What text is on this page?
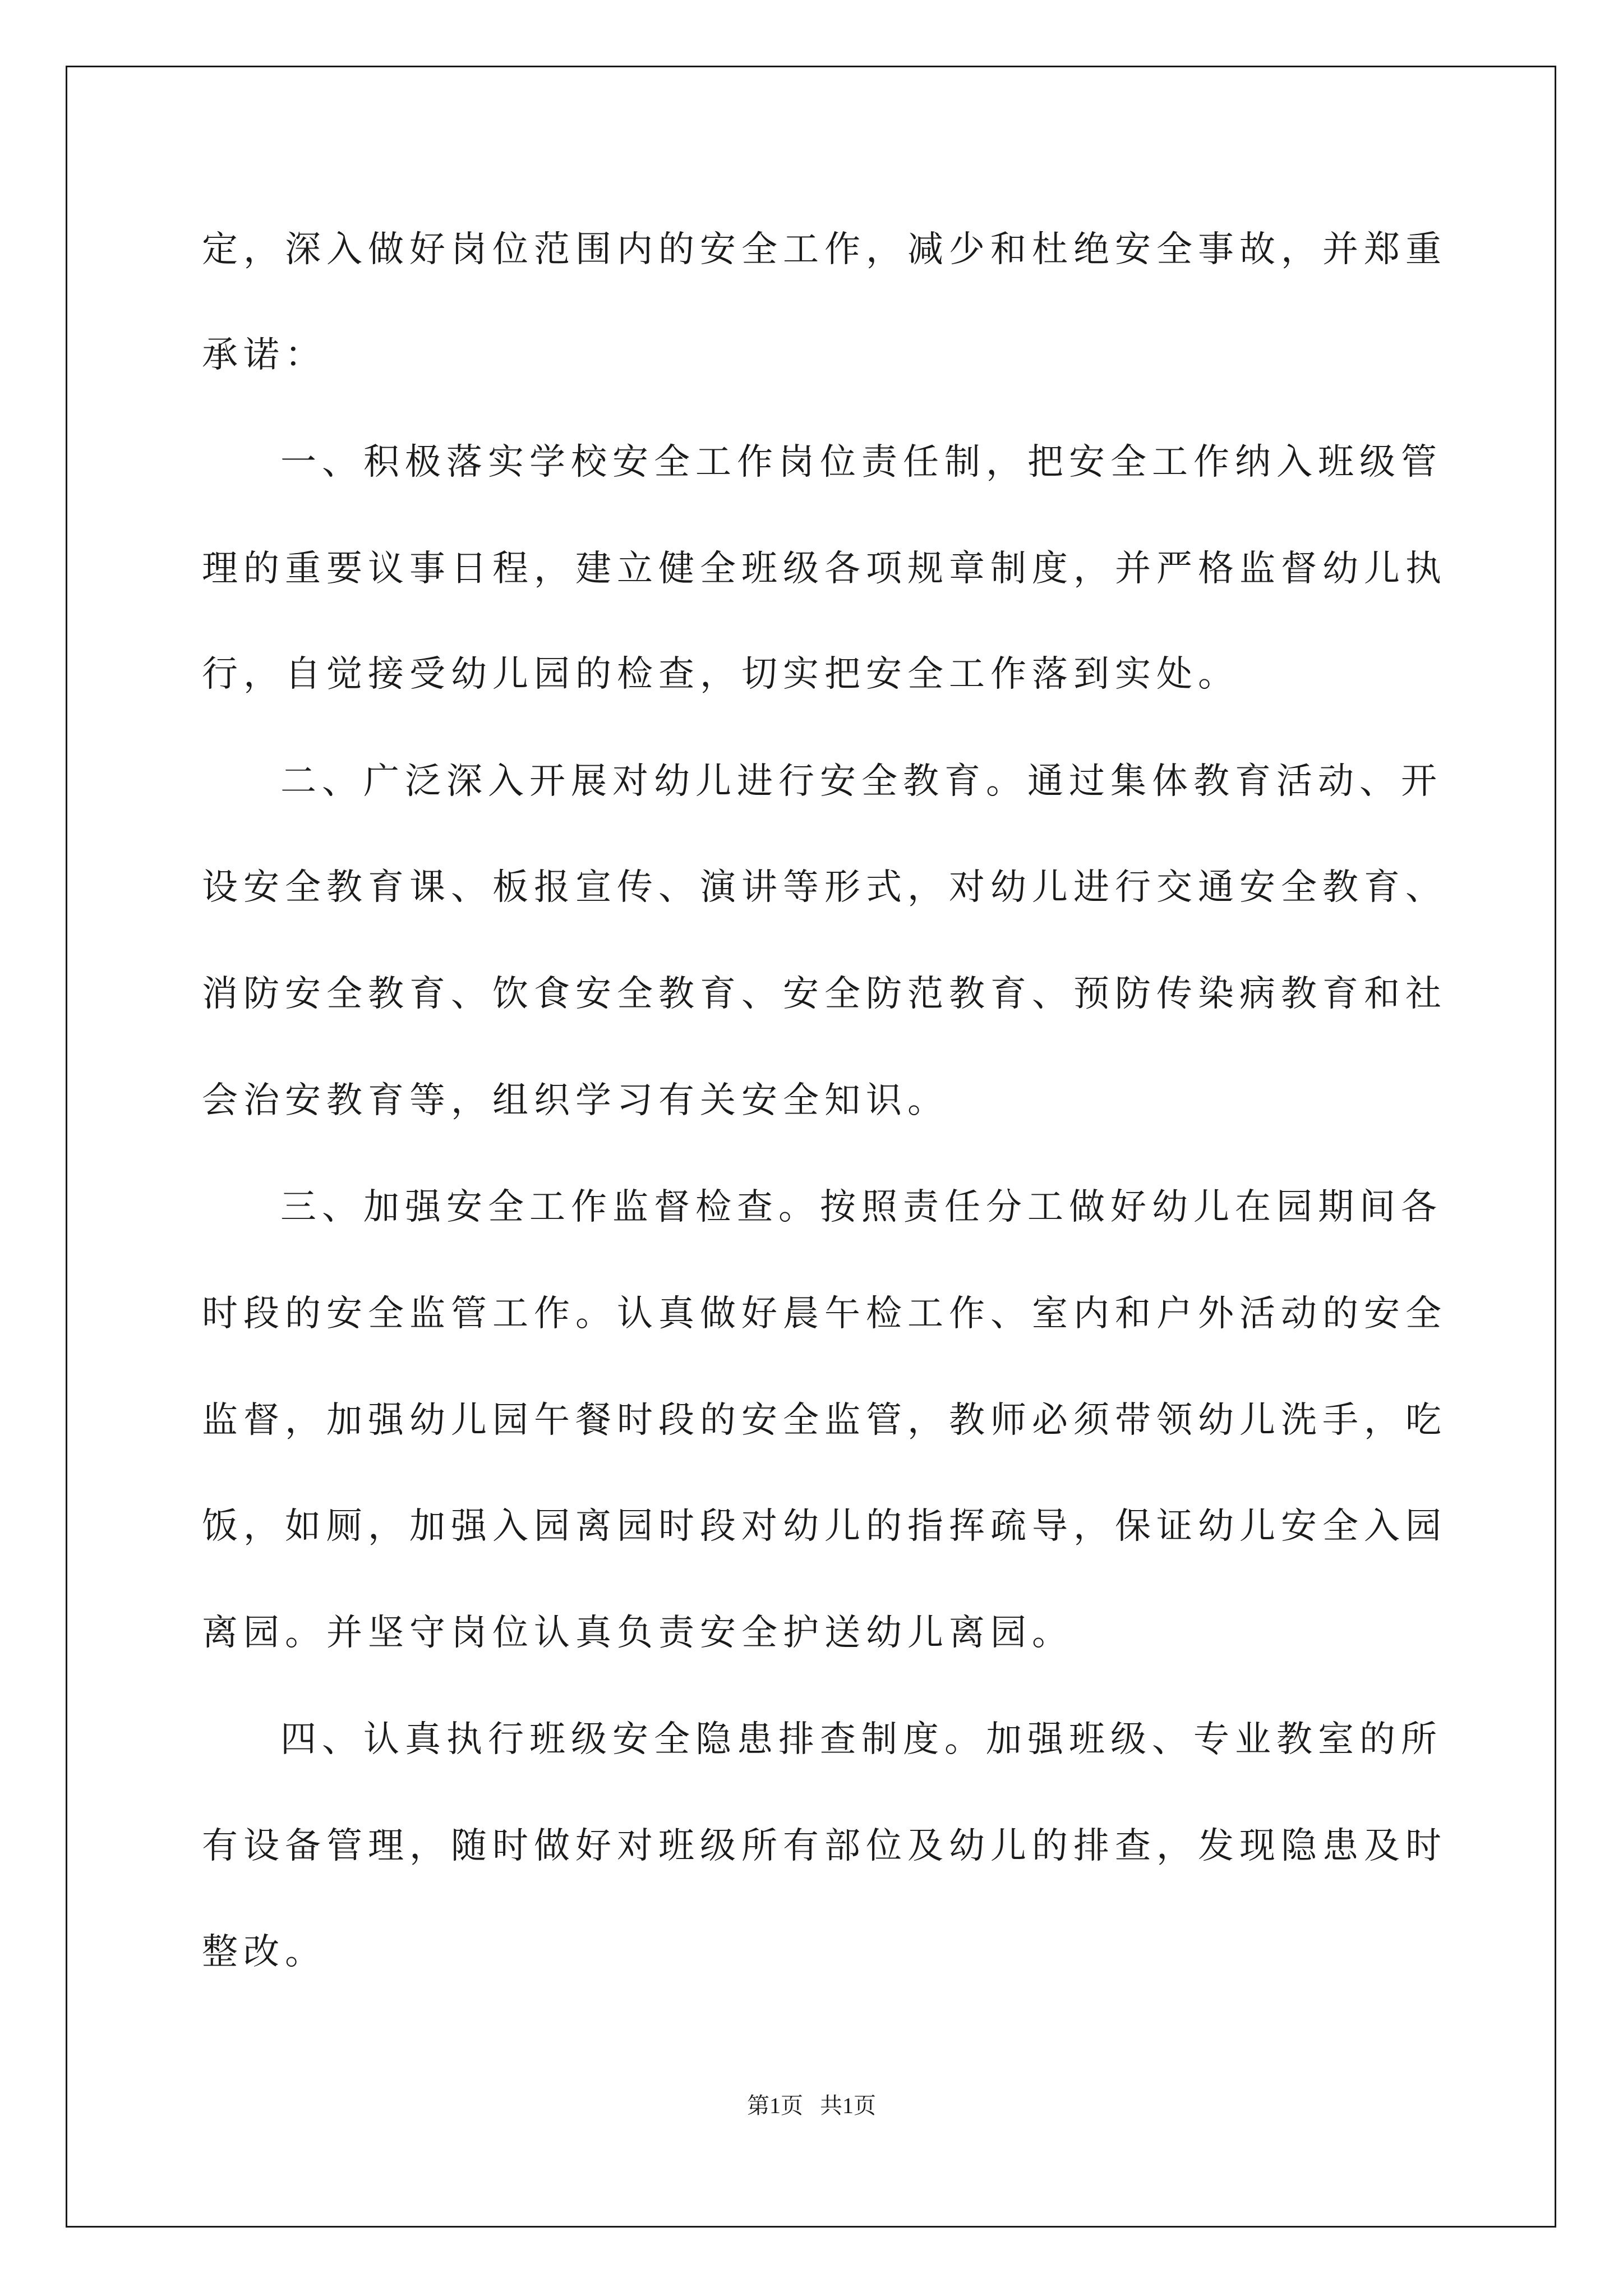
定，深入做好岗位范围内的安全工作，减少和杜绝安全事故，并郑重

承诺：

一、积极落实学校安全工作岗位责任制，把安全工作纳入班级管

理的重要议事日程，建立健全班级各项规章制度，并严格监督幼儿执

行，自觉接受幼儿园的检查，切实把安全工作落到实处。

二、广泛深入开展对幼儿进行安全教育。通过集体教育活动、开

设安全教育课、板报宣传、演讲等形式，对幼儿进行交通安全教育、

消防安全教育、饮食安全教育、安全防范教育、预防传染病教育和社

会治安教育等，组织学习有关安全知识。

三、加强安全工作监督检查。按照责任分工做好幼儿在园期间各

时段的安全监管工作。认真做好晨午检工作、室内和户外活动的安全

监督，加强幼儿园午餐时段的安全监管，教师必须带领幼儿洗手，吃

饭，如厕，加强入园离园时段对幼儿的指挥疏导，保证幼儿安全入园

离园。并坚守岗位认真负责安全护送幼儿离园。

四、认真执行班级安全隐患排查制度。加强班级、专业教室的所

有设备管理，随时做好对班级所有部位及幼儿的排查，发现隐患及时

整改。

第1页   共1页
